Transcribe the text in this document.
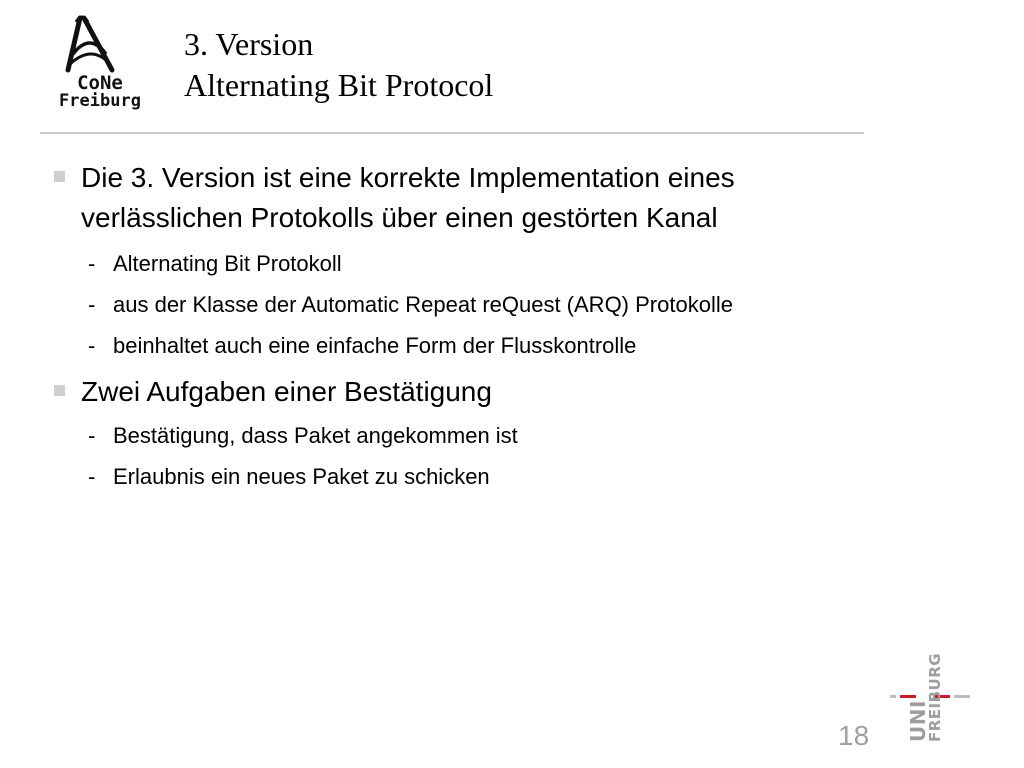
CoNe
Freiburg
3. Version
Alternating Bit Protocol
Die 3. Version ist eine korrekte Implementation eines verlässlichen Protokolls über einen gestörten Kanal
- Alternating Bit Protokoll
- aus der Klasse der Automatic Repeat reQuest (ARQ) Protokolle
- beinhaltet auch eine einfache Form der Flusskontrolle
Zwei Aufgaben einer Bestätigung
- Bestätigung, dass Paket angekommen ist
- Erlaubnis ein neues Paket zu schicken
18 UNI
FREIBURG
